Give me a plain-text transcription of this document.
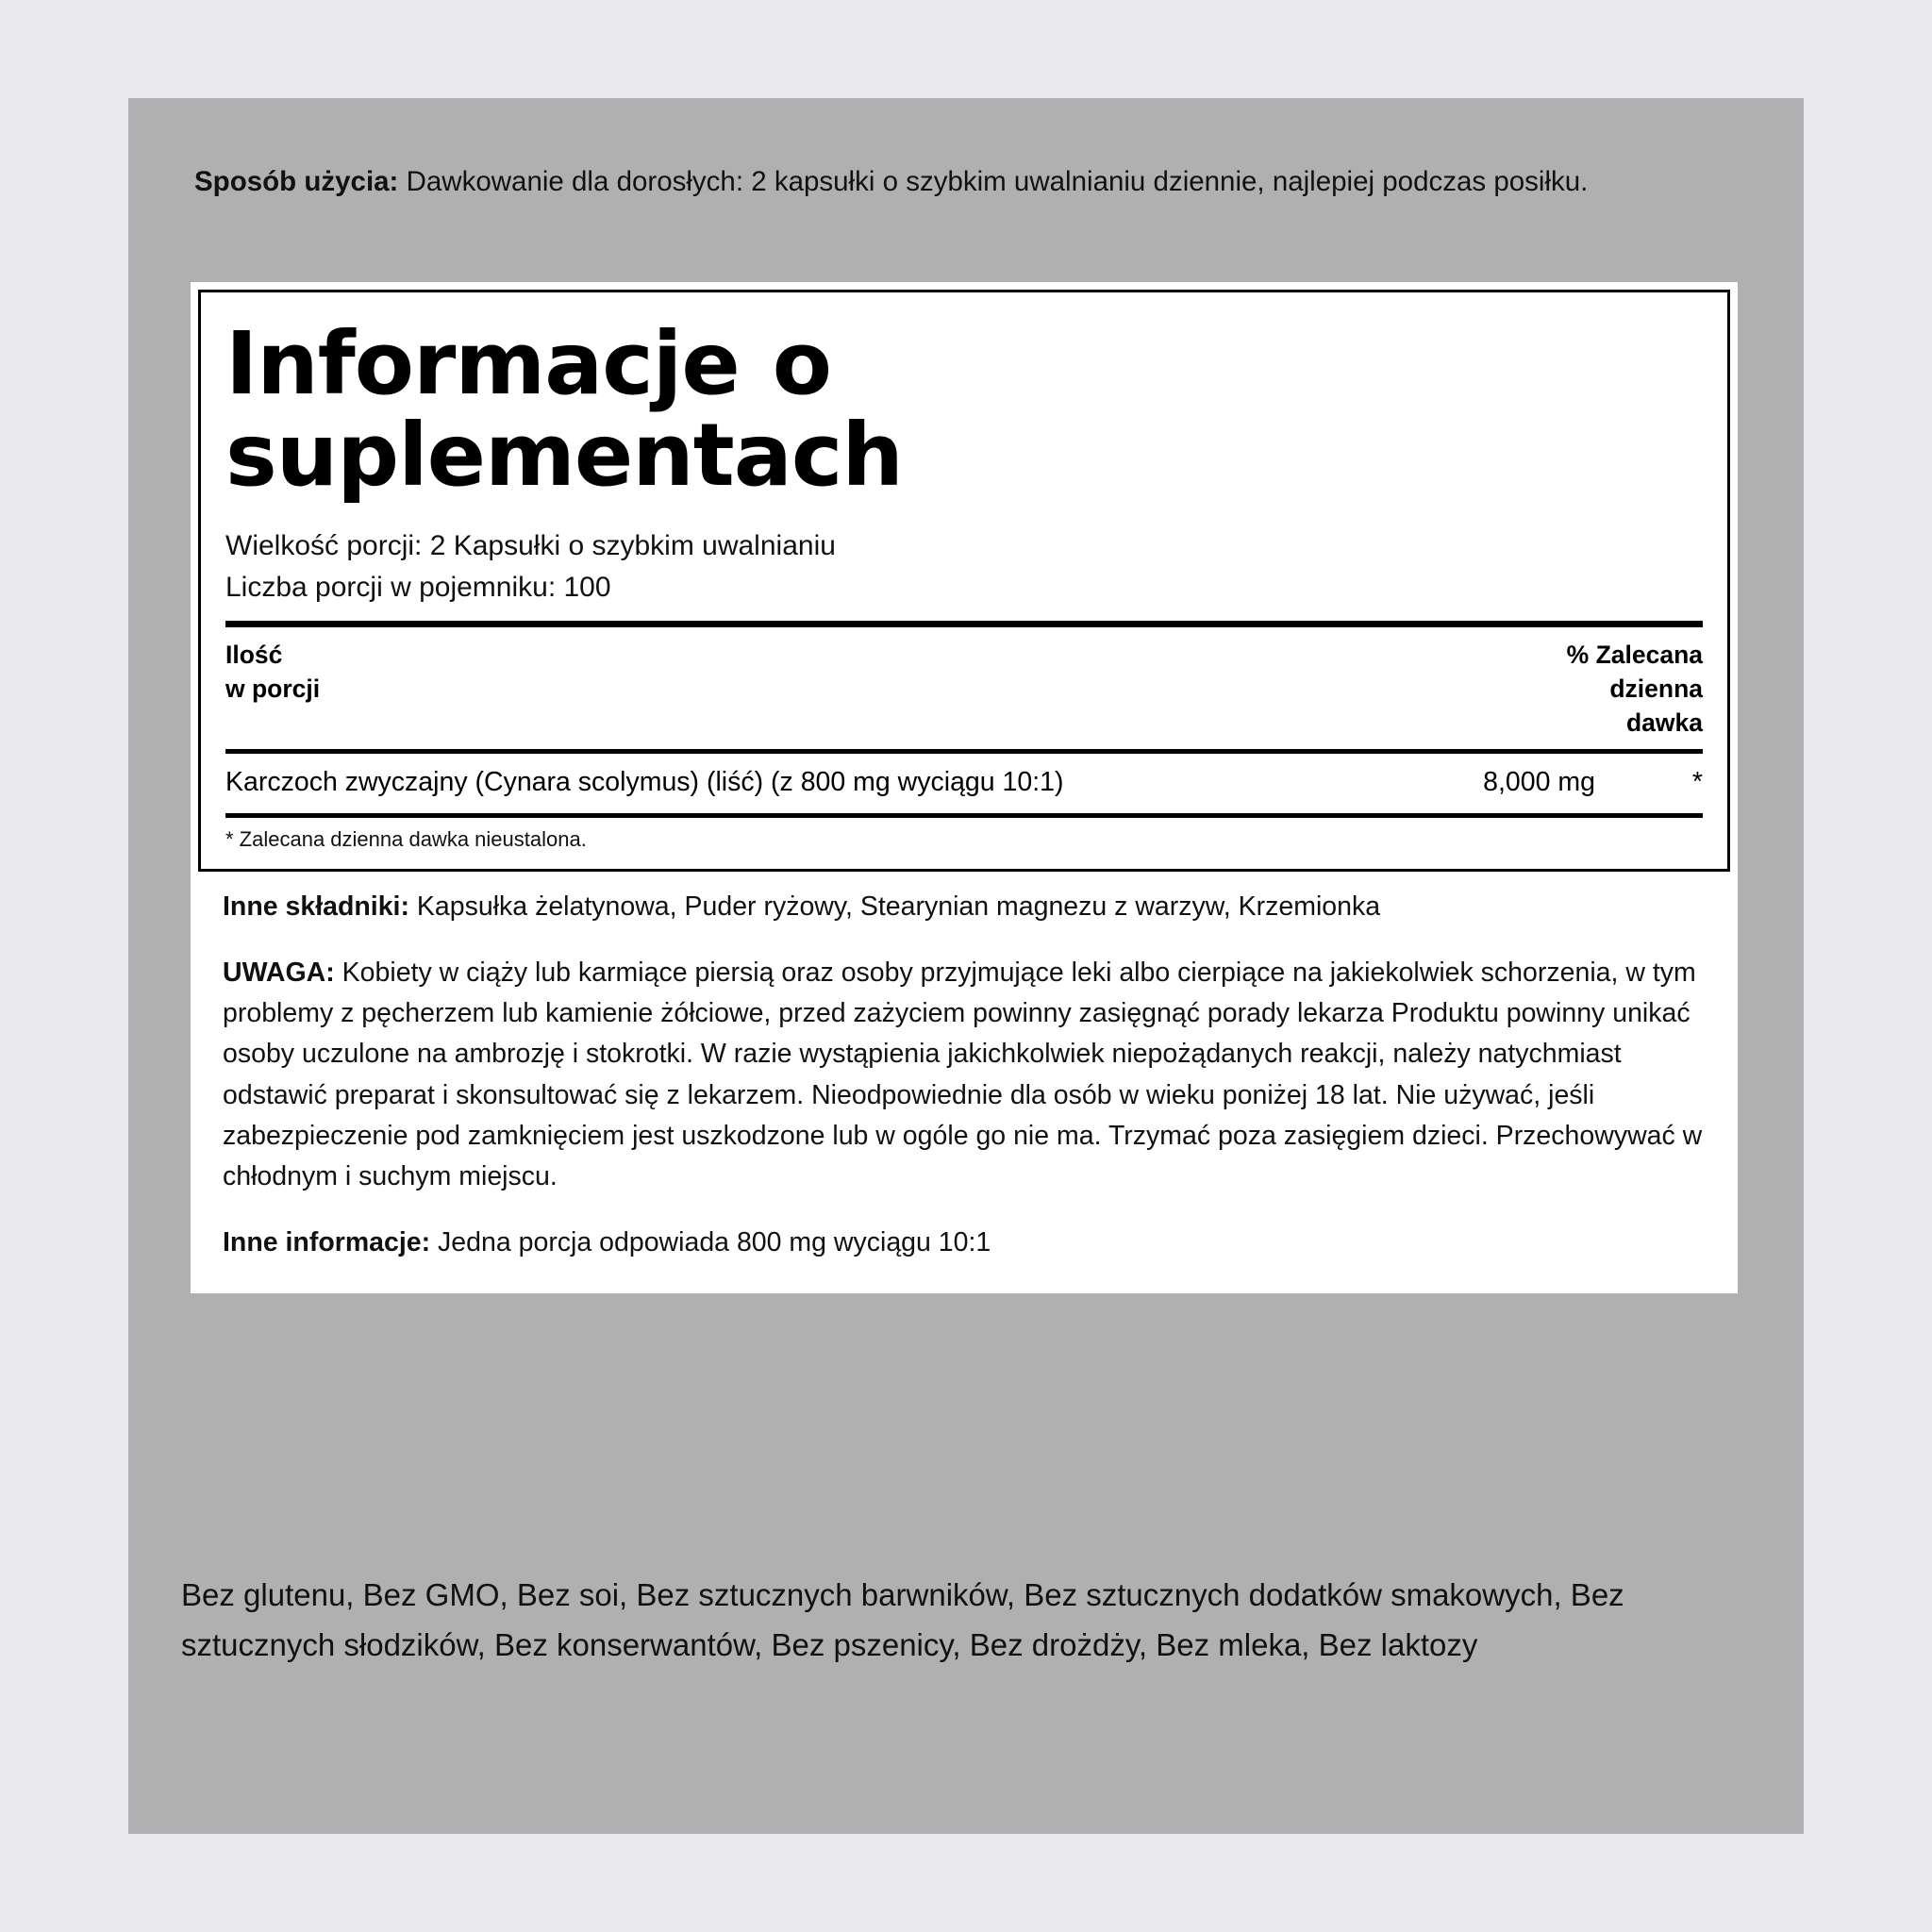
Sposób użycia: Dawkowanie dla dorosłych: 2 kapsułki o szybkim uwalnianiu dziennie, najlepiej podczas posiłku.
Informacje o suplementach
Wielkość porcji: 2 Kapsułki o szybkim uwalnianiu
Liczba porcji w pojemniku: 100
Ilość
w porcji
% Zalecana
dzienna
dawka
Karczoch zwyczajny (Cynara scolymus) (liść) (z 800 mg wyciągu 10:1)	8,000 mg	*
* Zalecana dzienna dawka nieustalona.

Inne składniki: Kapsułka żelatynowa, Puder ryżowy, Stearynian magnezu z warzyw, Krzemionka

UWAGA: Kobiety w ciąży lub karmiące piersią oraz osoby przyjmujące leki albo cierpiące na jakiekolwiek schorzenia, w tym problemy z pęcherzem lub kamienie żółciowe, przed zażyciem powinny zasięgnąć porady lekarza Produktu powinny unikać osoby uczulone na ambrozję i stokrotki. W razie wystąpienia jakichkolwiek niepożądanych reakcji, należy natychmiast odstawić preparat i skonsultować się z lekarzem. Nieodpowiednie dla osób w wieku poniżej 18 lat. Nie używać, jeśli zabezpieczenie pod zamknięciem jest uszkodzone lub w ogóle go nie ma. Trzymać poza zasięgiem dzieci. Przechowywać w chłodnym i suchym miejscu.

Inne informacje: Jedna porcja odpowiada 800 mg wyciągu 10:1

Bez glutenu, Bez GMO, Bez soi, Bez sztucznych barwników, Bez sztucznych dodatków smakowych, Bez sztucznych słodzików, Bez konserwantów, Bez pszenicy, Bez drożdży, Bez mleka, Bez laktozy
